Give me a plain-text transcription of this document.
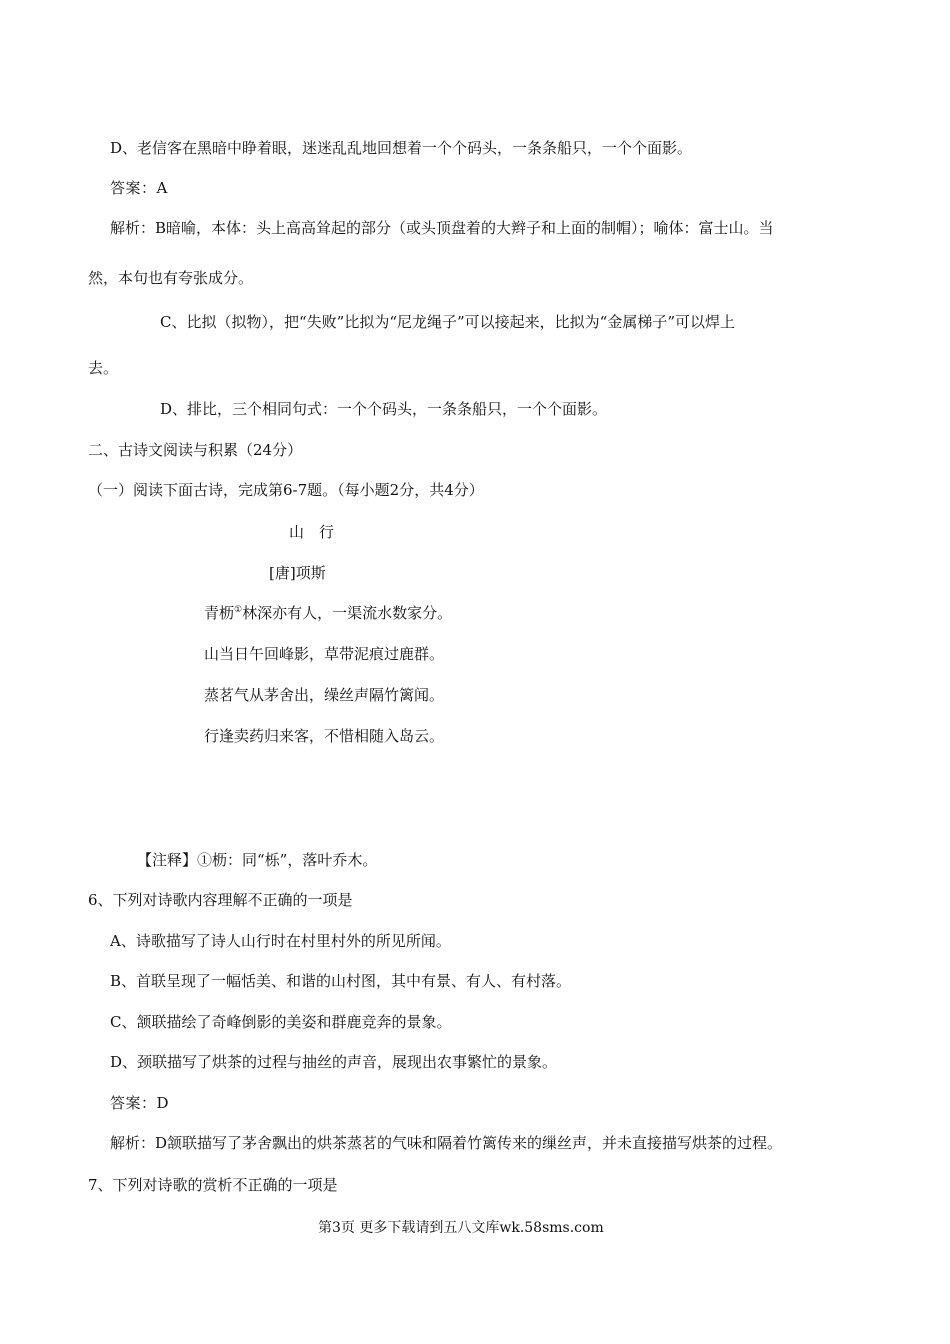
D、老信客在黑暗中睁着眼，迷迷乱乱地回想着一个个码头，一条条船只，一个个面影。
答案：A
解析：B暗喻，本体：头上高高耸起的部分（或头顶盘着的大辫子和上面的制帽）；喻体：富士山。当
然，本句也有夸张成分。
C、比拟（拟物），把“失败”比拟为“尼龙绳子”可以接起来，比拟为“金属梯子”可以焊上
去。
D、排比，三个相同句式：一个个码头，一条条船只，一个个面影。
二、古诗文阅读与积累（24分）
（一）阅读下面古诗，完成第6-7题。（每小题2分，共4分）
山　行
[唐]项斯
青枥①林深亦有人，一渠流水数家分。
山当日午回峰影，草带泥痕过鹿群。
蒸茗气从茅舍出，缲丝声隔竹篱闻。
行逢卖药归来客，不惜相随入岛云。
【注释】①枥：同“栎”，落叶乔木。
6、下列对诗歌内容理解不正确的一项是
A、诗歌描写了诗人山行时在村里村外的所见所闻。
B、首联呈现了一幅恬美、和谐的山村图，其中有景、有人、有村落。
C、颔联描绘了奇峰倒影的美姿和群鹿竞奔的景象。
D、颈联描写了烘茶的过程与抽丝的声音，展现出农事繁忙的景象。
答案：D
解析：D颔联描写了茅舍飘出的烘茶蒸茗的气味和隔着竹篱传来的缫丝声，并未直接描写烘茶的过程。
7、下列对诗歌的赏析不正确的一项是
第3页 更多下载请到五八文库wk.58sms.com
